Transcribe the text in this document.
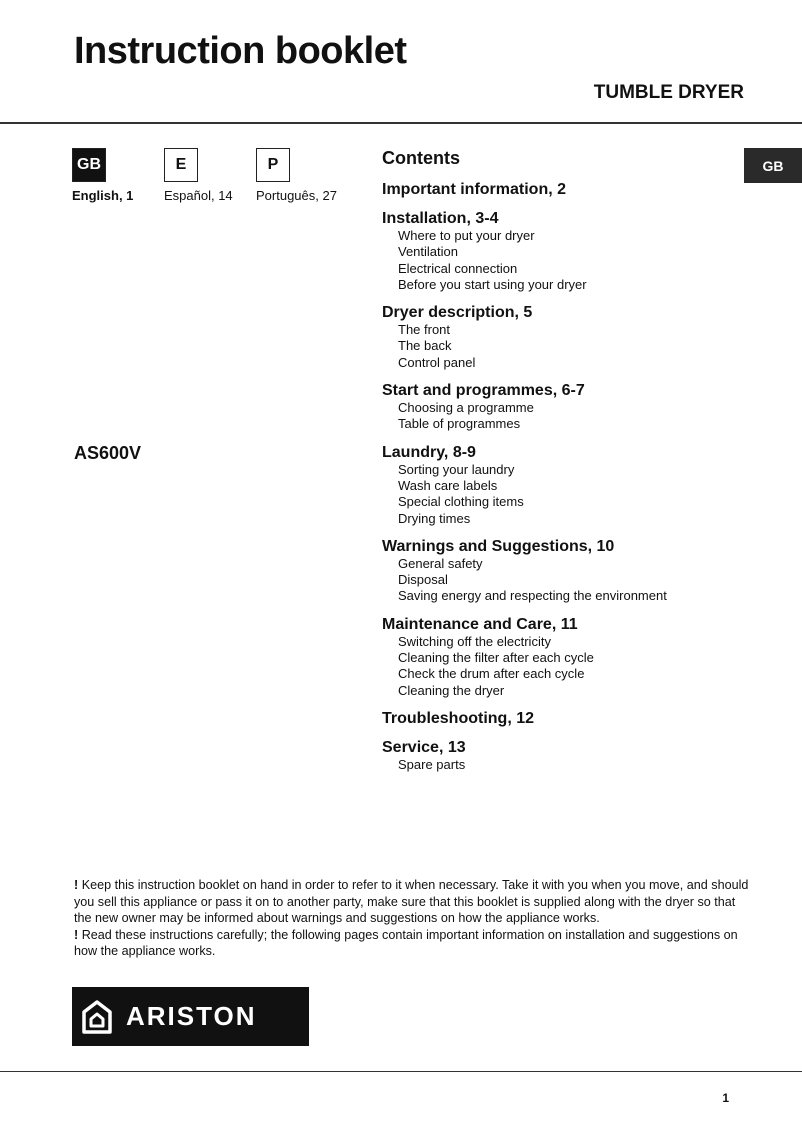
Instruction booklet
TUMBLE DRYER
GB
English, 1
E
Español, 14
P
Português, 27
GB
AS600V
Contents
Important information, 2
Installation, 3-4
Where to put your dryer
Ventilation
Electrical connection
Before you start using your dryer
Dryer description, 5
The front
The back
Control panel
Start and programmes, 6-7
Choosing a programme
Table of programmes
Laundry, 8-9
Sorting your laundry
Wash care labels
Special clothing items
Drying times
Warnings and Suggestions, 10
General safety
Disposal
Saving energy and respecting the environment
Maintenance and Care, 11
Switching off the electricity
Cleaning the filter after each cycle
Check the drum after each cycle
Cleaning the dryer
Troubleshooting, 12
Service, 13
Spare parts

! Keep this instruction booklet on hand in order to refer to it when necessary. Take it with you when you move, and should you sell this appliance or pass it on to another party, make sure that this booklet is supplied along with the dryer so that the new owner may be informed about warnings and suggestions on how the appliance works.

! Read these instructions carefully; the following pages contain important information on installation and suggestions on how the appliance works.

ARISTON
1
